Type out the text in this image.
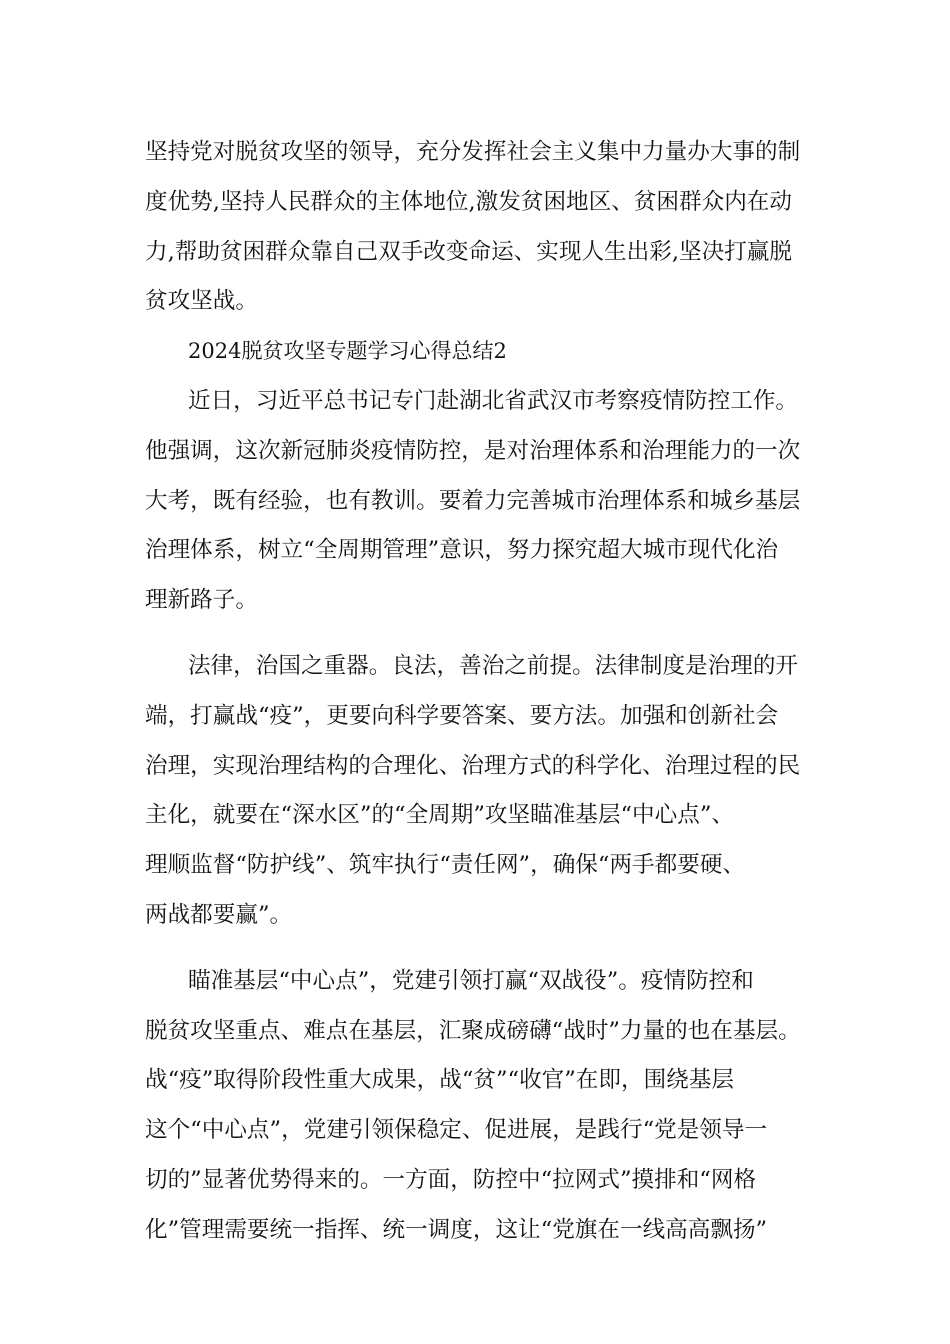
坚持党对脱贫攻坚的领导，充分发挥社会主义集中力量办大事的制
度优势,坚持人民群众的主体地位,激发贫困地区、贫困群众内在动
力,帮助贫困群众靠自己双手改变命运、实现人生出彩,坚决打赢脱
贫攻坚战。
2024脱贫攻坚专题学习心得总结2
近日，习近平总书记专门赴湖北省武汉市考察疫情防控工作。
他强调，这次新冠肺炎疫情防控，是对治理体系和治理能力的一次
大考，既有经验，也有教训。要着力完善城市治理体系和城乡基层
治理体系，树立“全周期管理”意识，努力探究超大城市现代化治
理新路子。
法律，治国之重器。良法，善治之前提。法律制度是治理的开
端，打赢战“疫”，更要向科学要答案、要方法。加强和创新社会
治理，实现治理结构的合理化、治理方式的科学化、治理过程的民
主化，就要在“深水区”的“全周期”攻坚瞄准基层“中心点”、
理顺监督“防护线”、筑牢执行“责任网”，确保“两手都要硬、
两战都要赢”。
瞄准基层“中心点”，党建引领打赢“双战役”。疫情防控和
脱贫攻坚重点、难点在基层，汇聚成磅礴“战时”力量的也在基层。
战“疫”取得阶段性重大成果，战“贫”“收官”在即，围绕基层
这个“中心点”，党建引领保稳定、促进展，是践行“党是领导一
切的”显著优势得来的。一方面，防控中“拉网式”摸排和“网格
化”管理需要统一指挥、统一调度，这让“党旗在一线高高飘扬”
